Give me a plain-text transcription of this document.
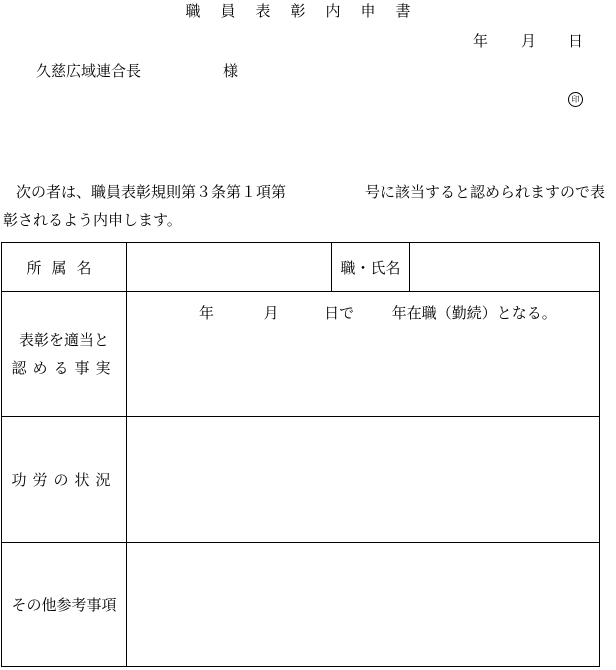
職員表彰内申書
年 月 日
久慈広域連合長	様
印
次の者は、職員表彰規則第３条第１項第	号に該当すると認められますので表
彰されるよう内申します。
所属名		職・氏名	

表彰を適当と
認める事実	年 月 日で 年在職（勤続）となる。		

功労の状況			
その他参考事項			
